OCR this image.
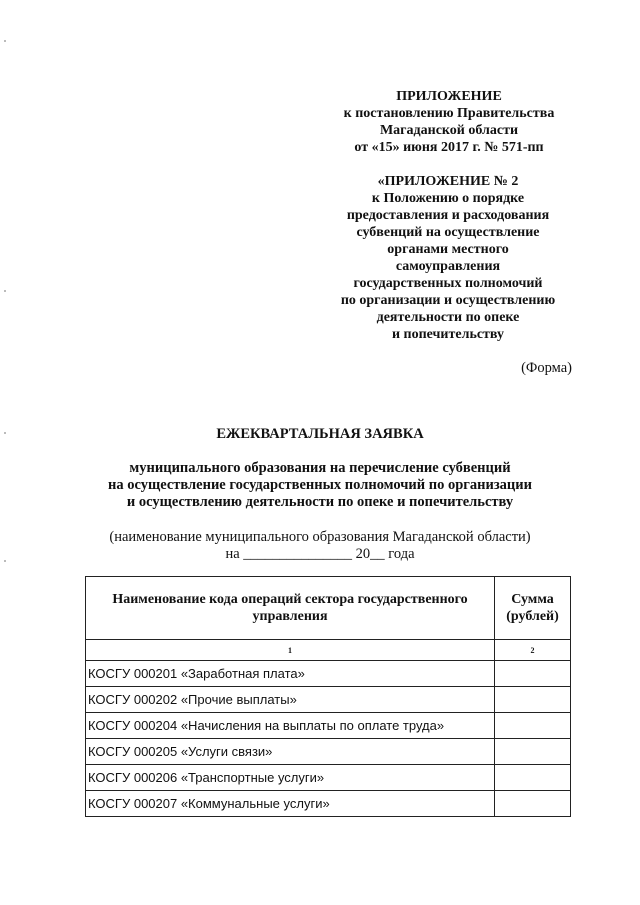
ПРИЛОЖЕНИЕ
к постановлению Правительства
Магаданской области
от «15» июня 2017 г. № 571-пп
«ПРИЛОЖЕНИЕ № 2
к Положению о порядке
предоставления и расходования
субвенций на осуществление
органами местного
самоуправления
государственных полномочий
по организации и осуществлению
деятельности по опеке
и попечительству
(Форма)
ЕЖЕКВАРТАЛЬНАЯ ЗАЯВКА
муниципального образования на перечисление субвенций
на осуществление государственных полномочий по организации
и осуществлению деятельности по опеке и попечительству
(наименование муниципального образования Магаданской области)
на _______________ 20__ года
Наименование кода операций сектора государственного управления	Сумма (рублей)
1	2
КОСГУ 000201 «Заработная плата»	
КОСГУ 000202 «Прочие выплаты»	
КОСГУ 000204 «Начисления на выплаты по оплате труда»	
КОСГУ 000205 «Услуги связи»	
КОСГУ 000206 «Транспортные услуги»	
КОСГУ 000207 «Коммунальные услуги»	
